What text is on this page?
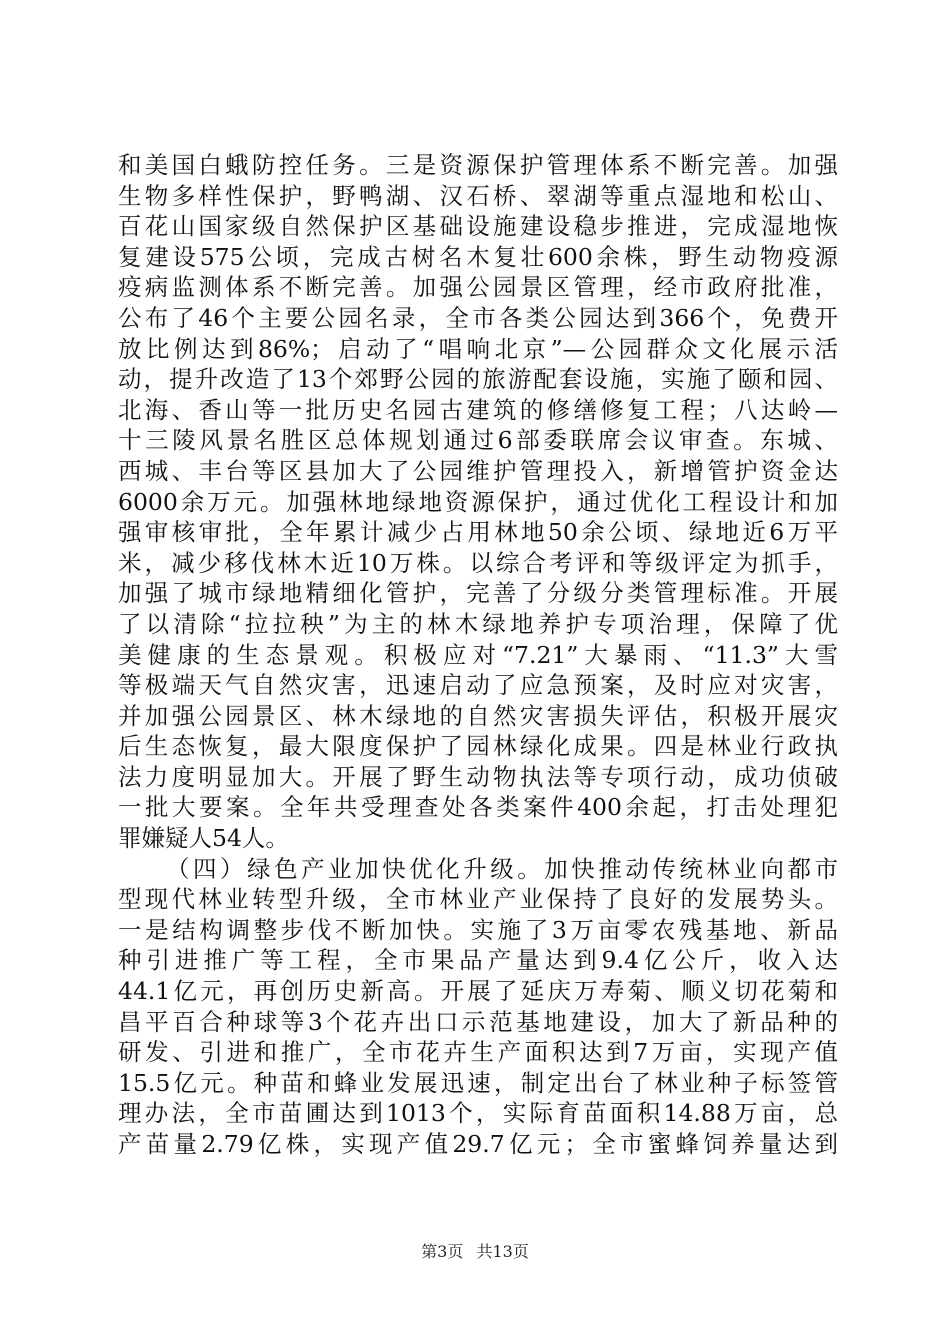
和美国白蛾防控任务。三是资源保护管理体系不断完善。加强
生物多样性保护，野鸭湖、汉石桥、翠湖等重点湿地和松山、
百花山国家级自然保护区基础设施建设稳步推进，完成湿地恢
复建设575公顷，完成古树名木复壮600余株，野生动物疫源
疫病监测体系不断完善。加强公园景区管理，经市政府批准，
公布了46个主要公园名录，全市各类公园达到366个，免费开
放比例达到86%；启动了“唱响北京”—公园群众文化展示活
动，提升改造了13个郊野公园的旅游配套设施，实施了颐和园、
北海、香山等一批历史名园古建筑的修缮修复工程；八达岭—
十三陵风景名胜区总体规划通过6部委联席会议审查。东城、
西城、丰台等区县加大了公园维护管理投入，新增管护资金达
6000余万元。加强林地绿地资源保护，通过优化工程设计和加
强审核审批，全年累计减少占用林地50余公顷、绿地近6万平
米，减少移伐林木近10万株。以综合考评和等级评定为抓手，
加强了城市绿地精细化管护，完善了分级分类管理标准。开展
了以清除“拉拉秧”为主的林木绿地养护专项治理，保障了优
美健康的生态景观。积极应对“7.21”大暴雨、“11.3”大雪
等极端天气自然灾害，迅速启动了应急预案，及时应对灾害，
并加强公园景区、林木绿地的自然灾害损失评估，积极开展灾
后生态恢复，最大限度保护了园林绿化成果。四是林业行政执
法力度明显加大。开展了野生动物执法等专项行动，成功侦破
一批大要案。全年共受理查处各类案件400余起，打击处理犯
罪嫌疑人54人。
（四）绿色产业加快优化升级。加快推动传统林业向都市
型现代林业转型升级，全市林业产业保持了良好的发展势头。
一是结构调整步伐不断加快。实施了3万亩零农残基地、新品
种引进推广等工程，全市果品产量达到9.4亿公斤，收入达
44.1亿元，再创历史新高。开展了延庆万寿菊、顺义切花菊和
昌平百合种球等3个花卉出口示范基地建设，加大了新品种的
研发、引进和推广，全市花卉生产面积达到7万亩，实现产值
15.5亿元。种苗和蜂业发展迅速，制定出台了林业种子标签管
理办法，全市苗圃达到1013个，实际育苗面积14.88万亩，总
产苗量2.79亿株，实现产值29.7亿元；全市蜜蜂饲养量达到
第3页 共13页
